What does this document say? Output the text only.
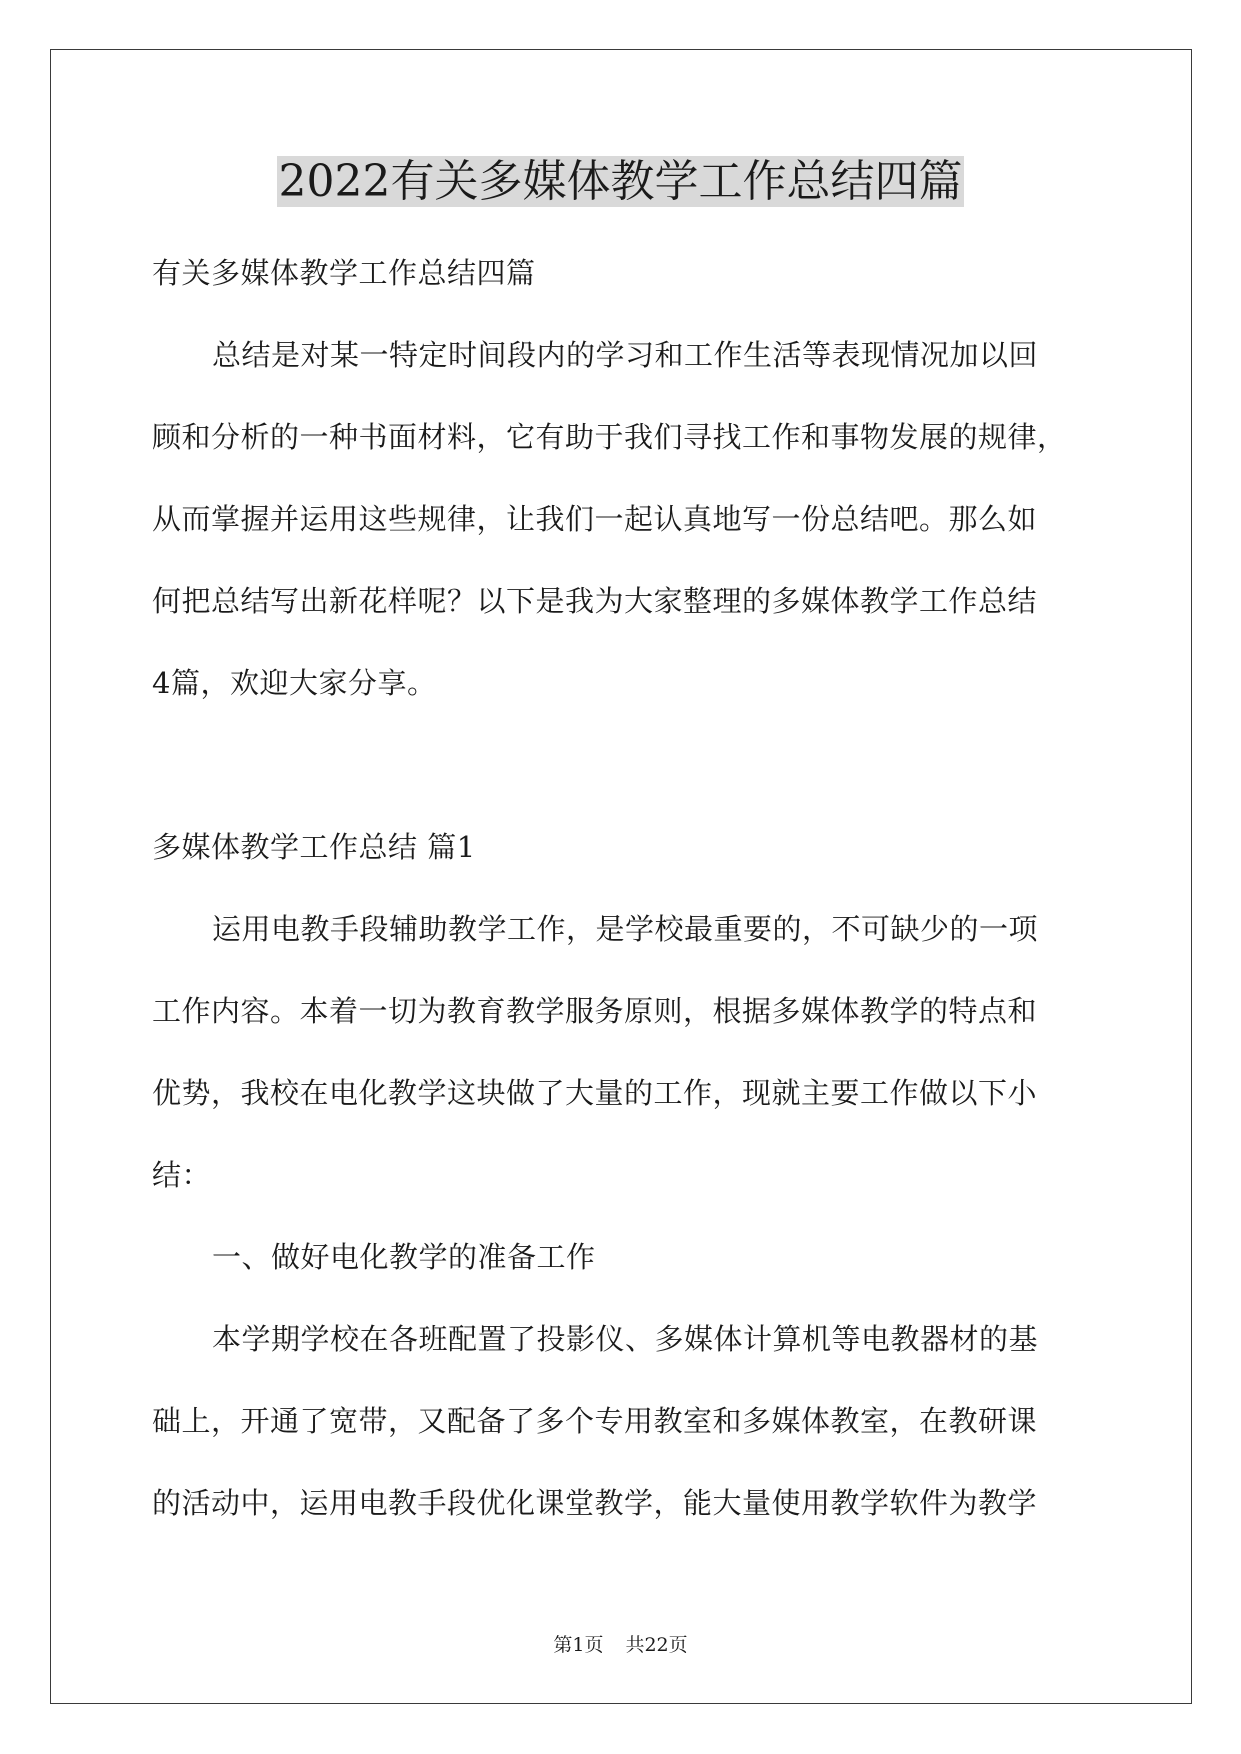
2022有关多媒体教学工作总结四篇
有关多媒体教学工作总结四篇
总结是对某一特定时间段内的学习和工作生活等表现情况加以回
顾和分析的一种书面材料，它有助于我们寻找工作和事物发展的规律，
从而掌握并运用这些规律，让我们一起认真地写一份总结吧。那么如
何把总结写出新花样呢？以下是我为大家整理的多媒体教学工作总结
4篇，欢迎大家分享。
多媒体教学工作总结 篇1
运用电教手段辅助教学工作，是学校最重要的，不可缺少的一项
工作内容。本着一切为教育教学服务原则，根据多媒体教学的特点和
优势，我校在电化教学这块做了大量的工作，现就主要工作做以下小
结：
一、做好电化教学的准备工作
本学期学校在各班配置了投影仪、多媒体计算机等电教器材的基
础上，开通了宽带，又配备了多个专用教室和多媒体教室，在教研课
的活动中，运用电教手段优化课堂教学，能大量使用教学软件为教学
第1页 共22页
